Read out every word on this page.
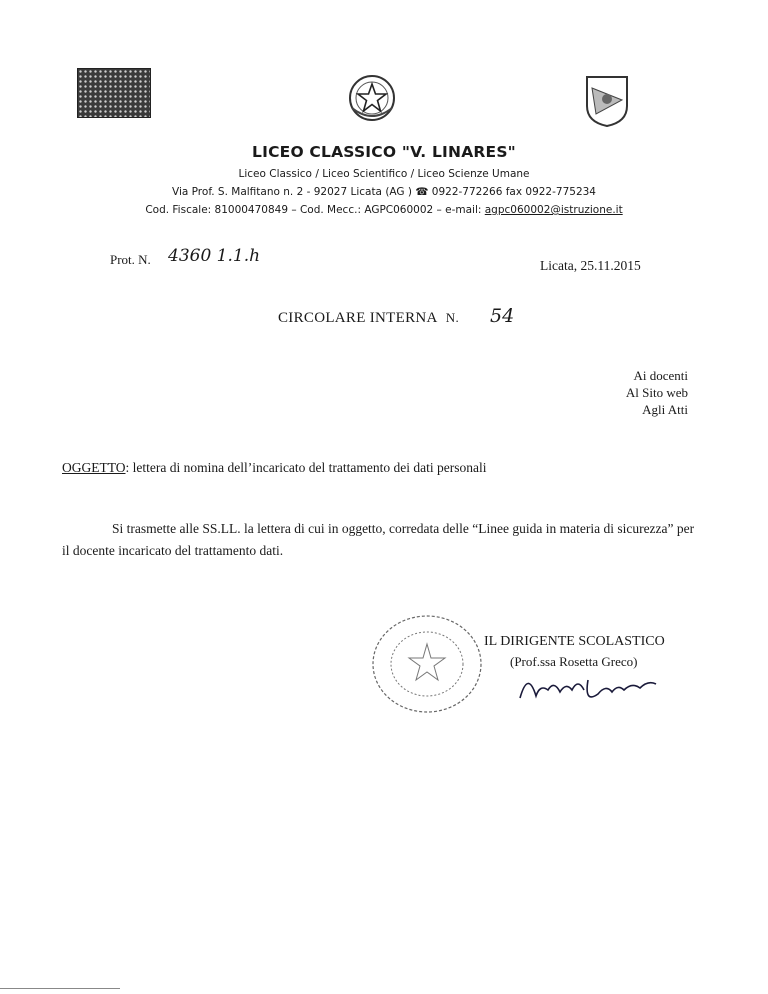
LICEO CLASSICO "V. LINARES"
Liceo Classico / Liceo Scientifico / Liceo Scienze Umane
Via Prof. S. Malfitano n. 2 - 92027 Licata (AG ) ☎ 0922-772266 fax 0922-775234
Cod. Fiscale: 81000470849 – Cod. Mecc.: AGPC060002 – e-mail: agpc060002@istruzione.it
Prot. N. 4360 1.1.h	Licata, 25.11.2015
CIRCOLARE INTERNA N. 54
Ai docenti
Al Sito web
Agli Atti
OGGETTO: lettera di nomina dell’incaricato del trattamento dei dati personali
Si trasmette alle SS.LL. la lettera di cui in oggetto, corredata delle “Linee guida in materia di sicurezza” per il docente incaricato del trattamento dati.
IL DIRIGENTE SCOLASTICO
(Prof.ssa Rosetta Greco)
